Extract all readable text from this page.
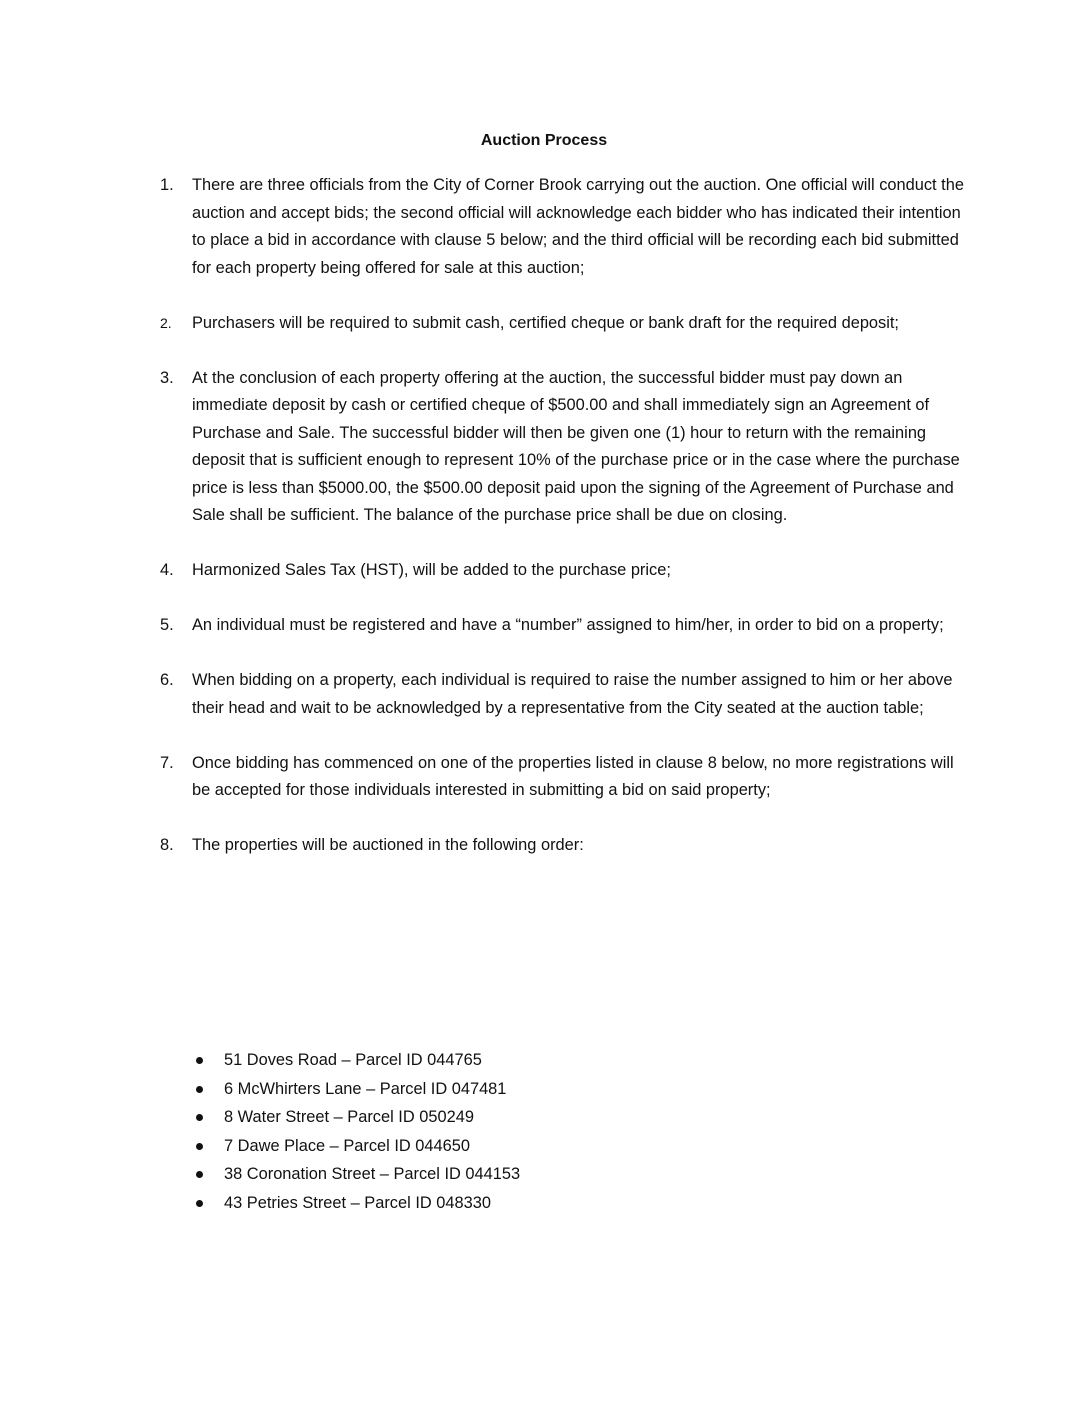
Auction Process
1. There are three officials from the City of Corner Brook carrying out the auction. One official will conduct the auction and accept bids; the second official will acknowledge each bidder who has indicated their intention to place a bid in accordance with clause 5 below; and the third official will be recording each bid submitted for each property being offered for sale at this auction;
2. Purchasers will be required to submit cash, certified cheque or bank draft for the required deposit;
3. At the conclusion of each property offering at the auction, the successful bidder must pay down an immediate deposit by cash or certified cheque of $500.00 and shall immediately sign an Agreement of Purchase and Sale. The successful bidder will then be given one (1) hour to return with the remaining deposit that is sufficient enough to represent 10% of the purchase price or in the case where the purchase price is less than $5000.00, the $500.00 deposit paid upon the signing of the Agreement of Purchase and Sale shall be sufficient. The balance of the purchase price shall be due on closing.
4. Harmonized Sales Tax (HST), will be added to the purchase price;
5. An individual must be registered and have a “number” assigned to him/her, in order to bid on a property;
6. When bidding on a property, each individual is required to raise the number assigned to him or her above their head and wait to be acknowledged by a representative from the City seated at the auction table;
7. Once bidding has commenced on one of the properties listed in clause 8 below, no more registrations will be accepted for those individuals interested in submitting a bid on said property;
8. The properties will be auctioned in the following order:
51 Doves Road – Parcel ID 044765
6 McWhirters Lane – Parcel ID 047481
8 Water Street – Parcel ID 050249
7 Dawe Place – Parcel ID 044650
38 Coronation Street – Parcel ID 044153
43 Petries Street – Parcel ID 048330
